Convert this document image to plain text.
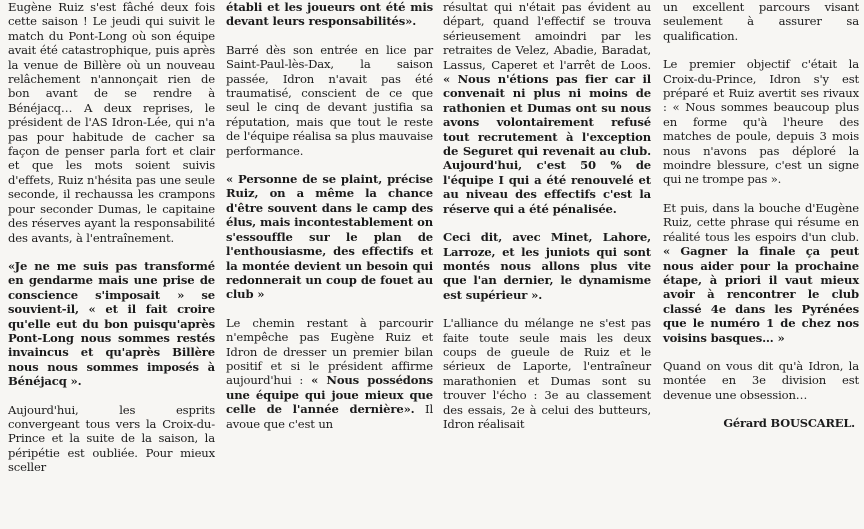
Eugène Ruiz s'est fâché deux fois cette saison ! Le jeudi qui suivit le match du Pont-Long où son équipe avait été catastrophique, puis après la venue de Billère où un nouveau relâchement n'annonçait rien de bon avant de se rendre à Bénéjacq… A deux reprises, le président de l'AS Idron-Lée, qui n'a pas pour habitude de cacher sa façon de penser parla fort et clair et que les mots soient suivis d'effets, Ruiz n'hésita pas une seule seconde, il rechaussa les crampons pour seconder Dumas, le capitaine des réserves ayant la responsabilité des avants, à l'entraînement.

«Je ne me suis pas transformé en gendarme mais une prise de conscience s'imposait » se souvient-il, « et il fait croire qu'elle eut du bon puisqu'après Pont-Long nous sommes restés invaincus et qu'après Billère nous nous sommes imposés à Bénéjacq ».

Aujourd'hui, les esprits convergeant tous vers la Croix-du-Prince et la suite de la saison, la péripétie est oubliée. Pour mieux sceller

établi et les joueurs ont été mis devant leurs responsabilités».

Barré dès son entrée en lice par Saint-Paul-lès-Dax, la saison passée, Idron n'avait pas été traumatisé, conscient de ce que seul le cinq de devant justifia sa réputation, mais que tout le reste de l'équipe réalisa sa plus mauvaise performance.

« Personne de se plaint, précise Ruiz, on a même la chance d'être souvent dans le camp des élus, mais incontestablement on s'essouffle sur le plan de l'enthousiasme, des effectifs et la montée devient un besoin qui redonnerait un coup de fouet au club »

Le chemin restant à parcourir n'empêche pas Eugène Ruiz et Idron de dresser un premier bilan positif et si le président affirme aujourd'hui : « Nous possédons une équipe qui joue mieux que celle de l'année dernière». Il avoue que c'est un

résultat qui n'était pas évident au départ, quand l'effectif se trouva sérieusement amoindri par les retraites de Velez, Abadie, Baradat, Lassus, Caperet et l'arrêt de Loos. « Nous n'étions pas fier car il convenait ni plus ni moins de rathonien et Dumas ont su nous avons volontairement refusé tout recrutement à l'exception de Seguret qui revenait au club. Aujourd'hui, c'est 50 % de l'équipe I qui a été renouvelé et au niveau des effectifs c'est la réserve qui a été pénalisée.

Ceci dit, avec Minet, Lahore, Larroze, et les juniots qui sont montés nous allons plus vite que l'an dernier, le dynamisme est supérieur ».

L'alliance du mélange ne s'est pas faite toute seule mais les deux coups de gueule de Ruiz et le sérieux de Laporte, l'entraîneur marathonien et Dumas sont su trouver l'écho : 3e au classement des essais, 2e à celui des butteurs, Idron réalisait

un excellent parcours visant seulement à assurer sa qualification.

Le premier objectif c'était la Croix-du-Prince, Idron s'y est préparé et Ruiz avertit ses rivaux : « Nous sommes beaucoup plus en forme qu'à l'heure des matches de poule, depuis 3 mois nous n'avons pas déploré la moindre blessure, c'est un signe qui ne trompe pas ».

Et puis, dans la bouche d'Eugène Ruiz, cette phrase qui résume en réalité tous les espoirs d'un club. « Gagner la finale ça peut nous aider pour la prochaine étape, à priori il vaut mieux avoir à rencontrer le club classé 4e dans les Pyrénées que le numéro 1 de chez nos voisins basques… »

Quand on vous dit qu'à Idron, la montée en 3e division est devenue une obsession…

Gérard BOUSCAREL.
